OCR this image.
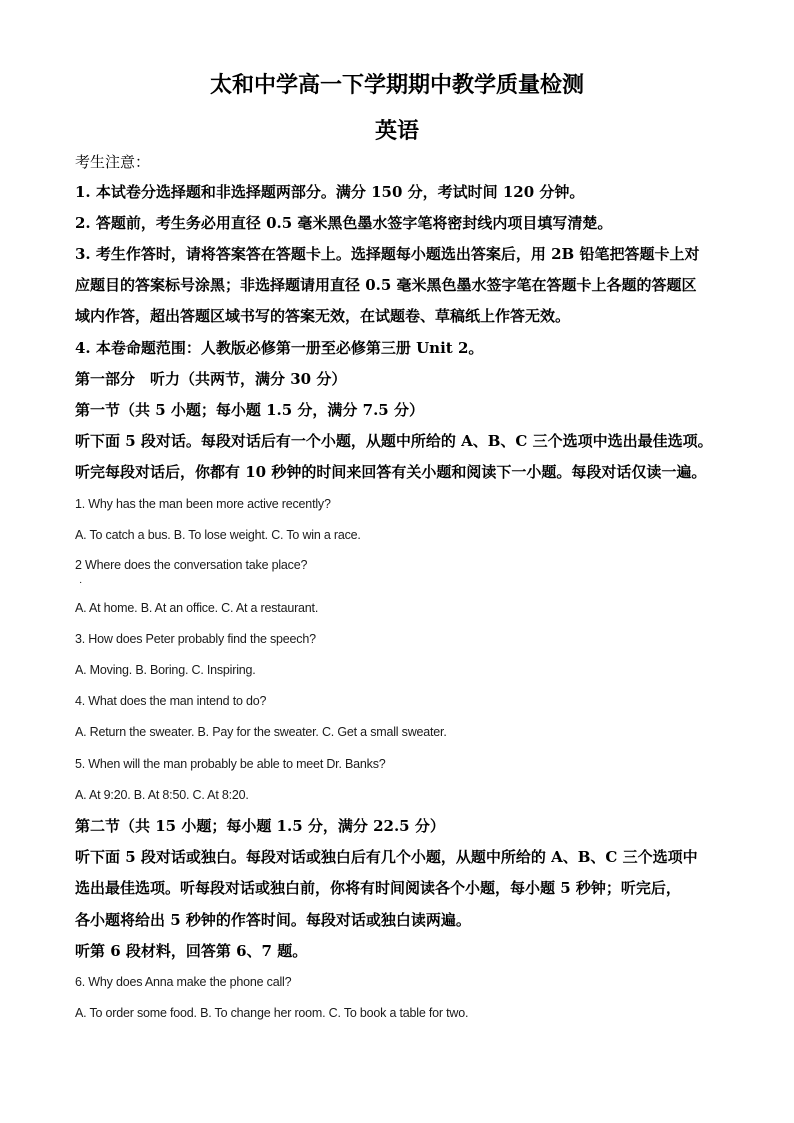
太和中学高一下学期期中教学质量检测
英语
考生注意：
1. 本试卷分选择题和非选择题两部分。满分 150 分，考试时间 120 分钟。
2. 答题前，考生务必用直径 0.5 毫米黑色墨水签字笔将密封线内项目填写清楚。
3. 考生作答时，请将答案答在答题卡上。选择题每小题选出答案后，用 2B 铅笔把答题卡上对
应题目的答案标号涂黑；非选择题请用直径 0.5 毫米黑色墨水签字笔在答题卡上各题的答题区
域内作答，超出答题区域书写的答案无效，在试题卷、草稿纸上作答无效。
4. 本卷命题范围：人教版必修第一册至必修第三册 Unit 2。
第一部分　听力（共两节，满分 30 分）
第一节（共 5 小题；每小题 1.5 分，满分 7.5 分）
听下面 5 段对话。每段对话后有一个小题，从题中所给的 A、B、C 三个选项中选出最佳选项。
听完每段对话后，你都有 10 秒钟的时间来回答有关小题和阅读下一小题。每段对话仅读一遍。
1. Why has the man been more active recently?
A. To catch a bus. B. To lose weight. C. To win a race.
2 Where does the conversation take place?
·
A. At home. B. At an office. C. At a restaurant.
3. How does Peter probably find the speech?
A. Moving. B. Boring. C. Inspiring.
4. What does the man intend to do?
A. Return the sweater. B. Pay for the sweater. C. Get a small sweater.
5. When will the man probably be able to meet Dr. Banks?
A. At 9:20. B. At 8:50. C. At 8:20.
第二节（共 15 小题；每小题 1.5 分，满分 22.5 分）
听下面 5 段对话或独白。每段对话或独白后有几个小题，从题中所给的 A、B、C 三个选项中
选出最佳选项。听每段对话或独白前，你将有时间阅读各个小题，每小题 5 秒钟；听完后，
各小题将给出 5 秒钟的作答时间。每段对话或独白读两遍。
听第 6 段材料，回答第 6、7 题。
6. Why does Anna make the phone call?
A. To order some food. B. To change her room. C. To book a table for two.
